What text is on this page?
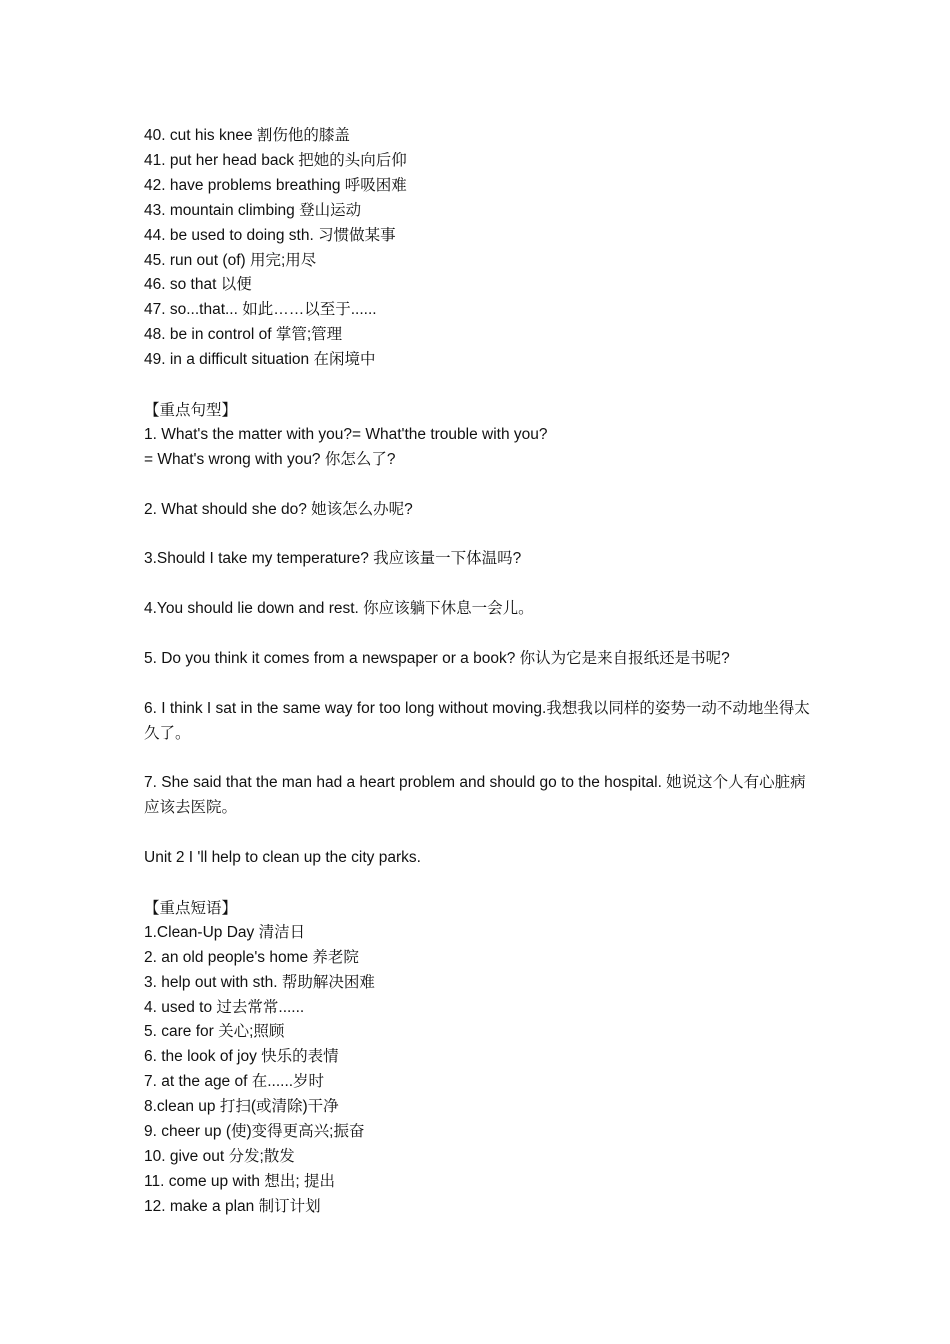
40. cut his knee 割伤他的膝盖
41. put her head back 把她的头向后仰
42. have problems breathing 呼吸困难
43. mountain climbing 登山运动
44. be used to doing sth. 习惯做某事
45. run out (of) 用完;用尽
46. so that 以便
47. so...that... 如此……以至于......
48. be in control of 掌管;管理
49. in a difficult situation 在闲境中
【重点句型】
1. What's the matter with you?= What'the trouble with you?
= What's wrong with you? 你怎么了?
2. What should she do? 她该怎么办呢?
3.Should I take my temperature? 我应该量一下体温吗?
4.You should lie down and rest. 你应该躺下休息一会儿。
5. Do you think it comes from a newspaper or a book? 你认为它是来自报纸还是书呢?
6. I think I sat in the same way for too long without moving.我想我以同样的姿势一动不动地坐得太久了。
7. She said that the man had a heart problem and should go to the hospital. 她说这个人有心脏病应该去医院。
Unit 2 I 'll help to clean up the city parks.
【重点短语】
1.Clean-Up Day 清洁日
2. an old people's home 养老院
3. help out with sth. 帮助解决困难
4. used to 过去常常......
5. care for 关心;照顾
6. the look of joy 快乐的表情
7. at the age of 在......岁时
8.clean up 打扫(或清除)干净
9. cheer up (使)变得更高兴;振奋
10. give out 分发;散发
11. come up with 想出; 提出
12. make a plan 制订计划
